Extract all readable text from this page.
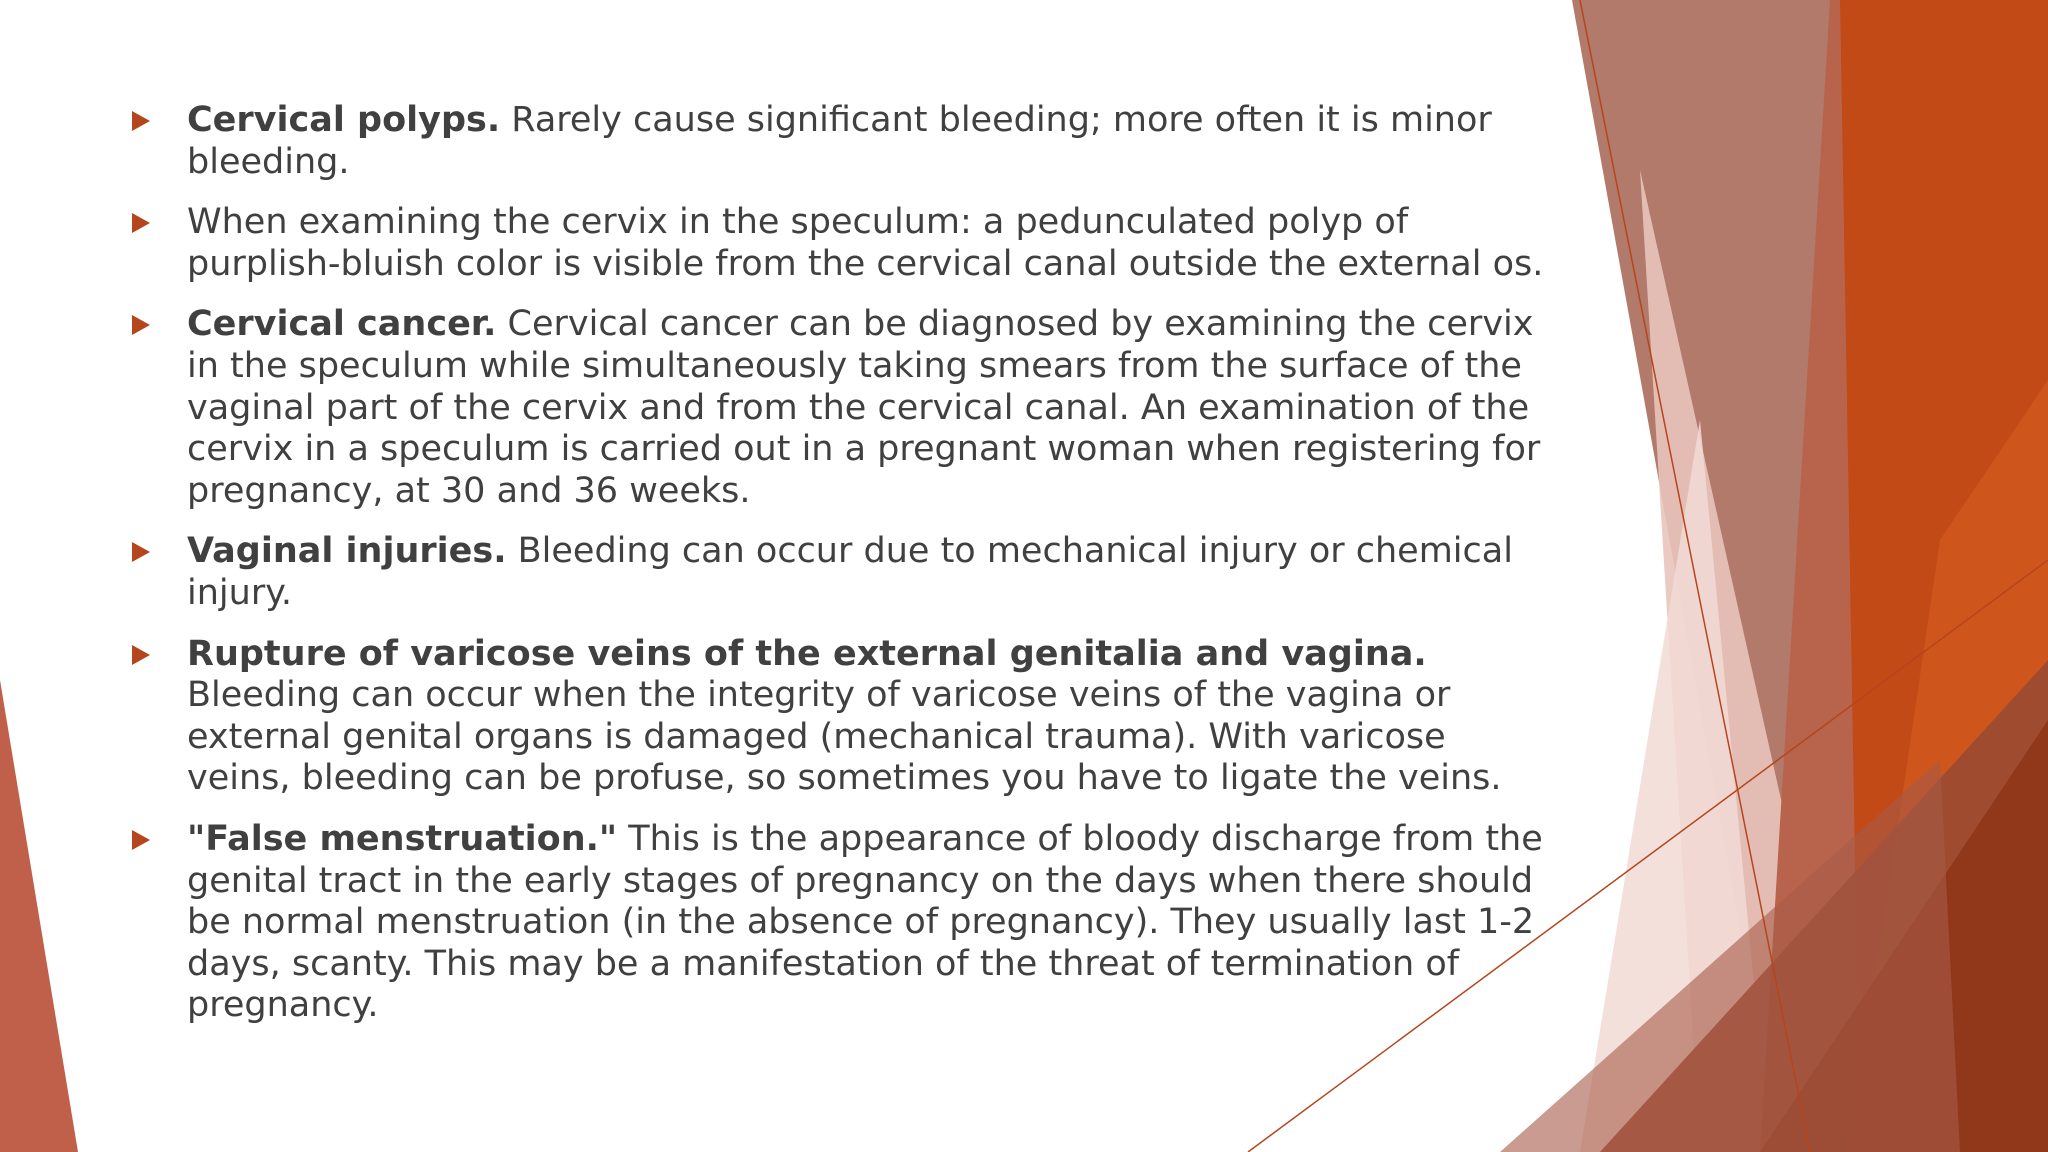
Cervical polyps. Rarely cause significant bleeding; more often it is minor bleeding.
When examining the cervix in the speculum: a pedunculated polyp of purplish-bluish color is visible from the cervical canal outside the external os.
Cervical cancer. Cervical cancer can be diagnosed by examining the cervix in the speculum while simultaneously taking smears from the surface of the vaginal part of the cervix and from the cervical canal. An examination of the cervix in a speculum is carried out in a pregnant woman when registering for pregnancy, at 30 and 36 weeks.
Vaginal injuries. Bleeding can occur due to mechanical injury or chemical injury.
Rupture of varicose veins of the external genitalia and vagina. Bleeding can occur when the integrity of varicose veins of the vagina or external genital organs is damaged (mechanical trauma). With varicose veins, bleeding can be profuse, so sometimes you have to ligate the veins.
"False menstruation." This is the appearance of bloody discharge from the genital tract in the early stages of pregnancy on the days when there should be normal menstruation (in the absence of pregnancy). They usually last 1-2 days, scanty. This may be a manifestation of the threat of termination of pregnancy.
